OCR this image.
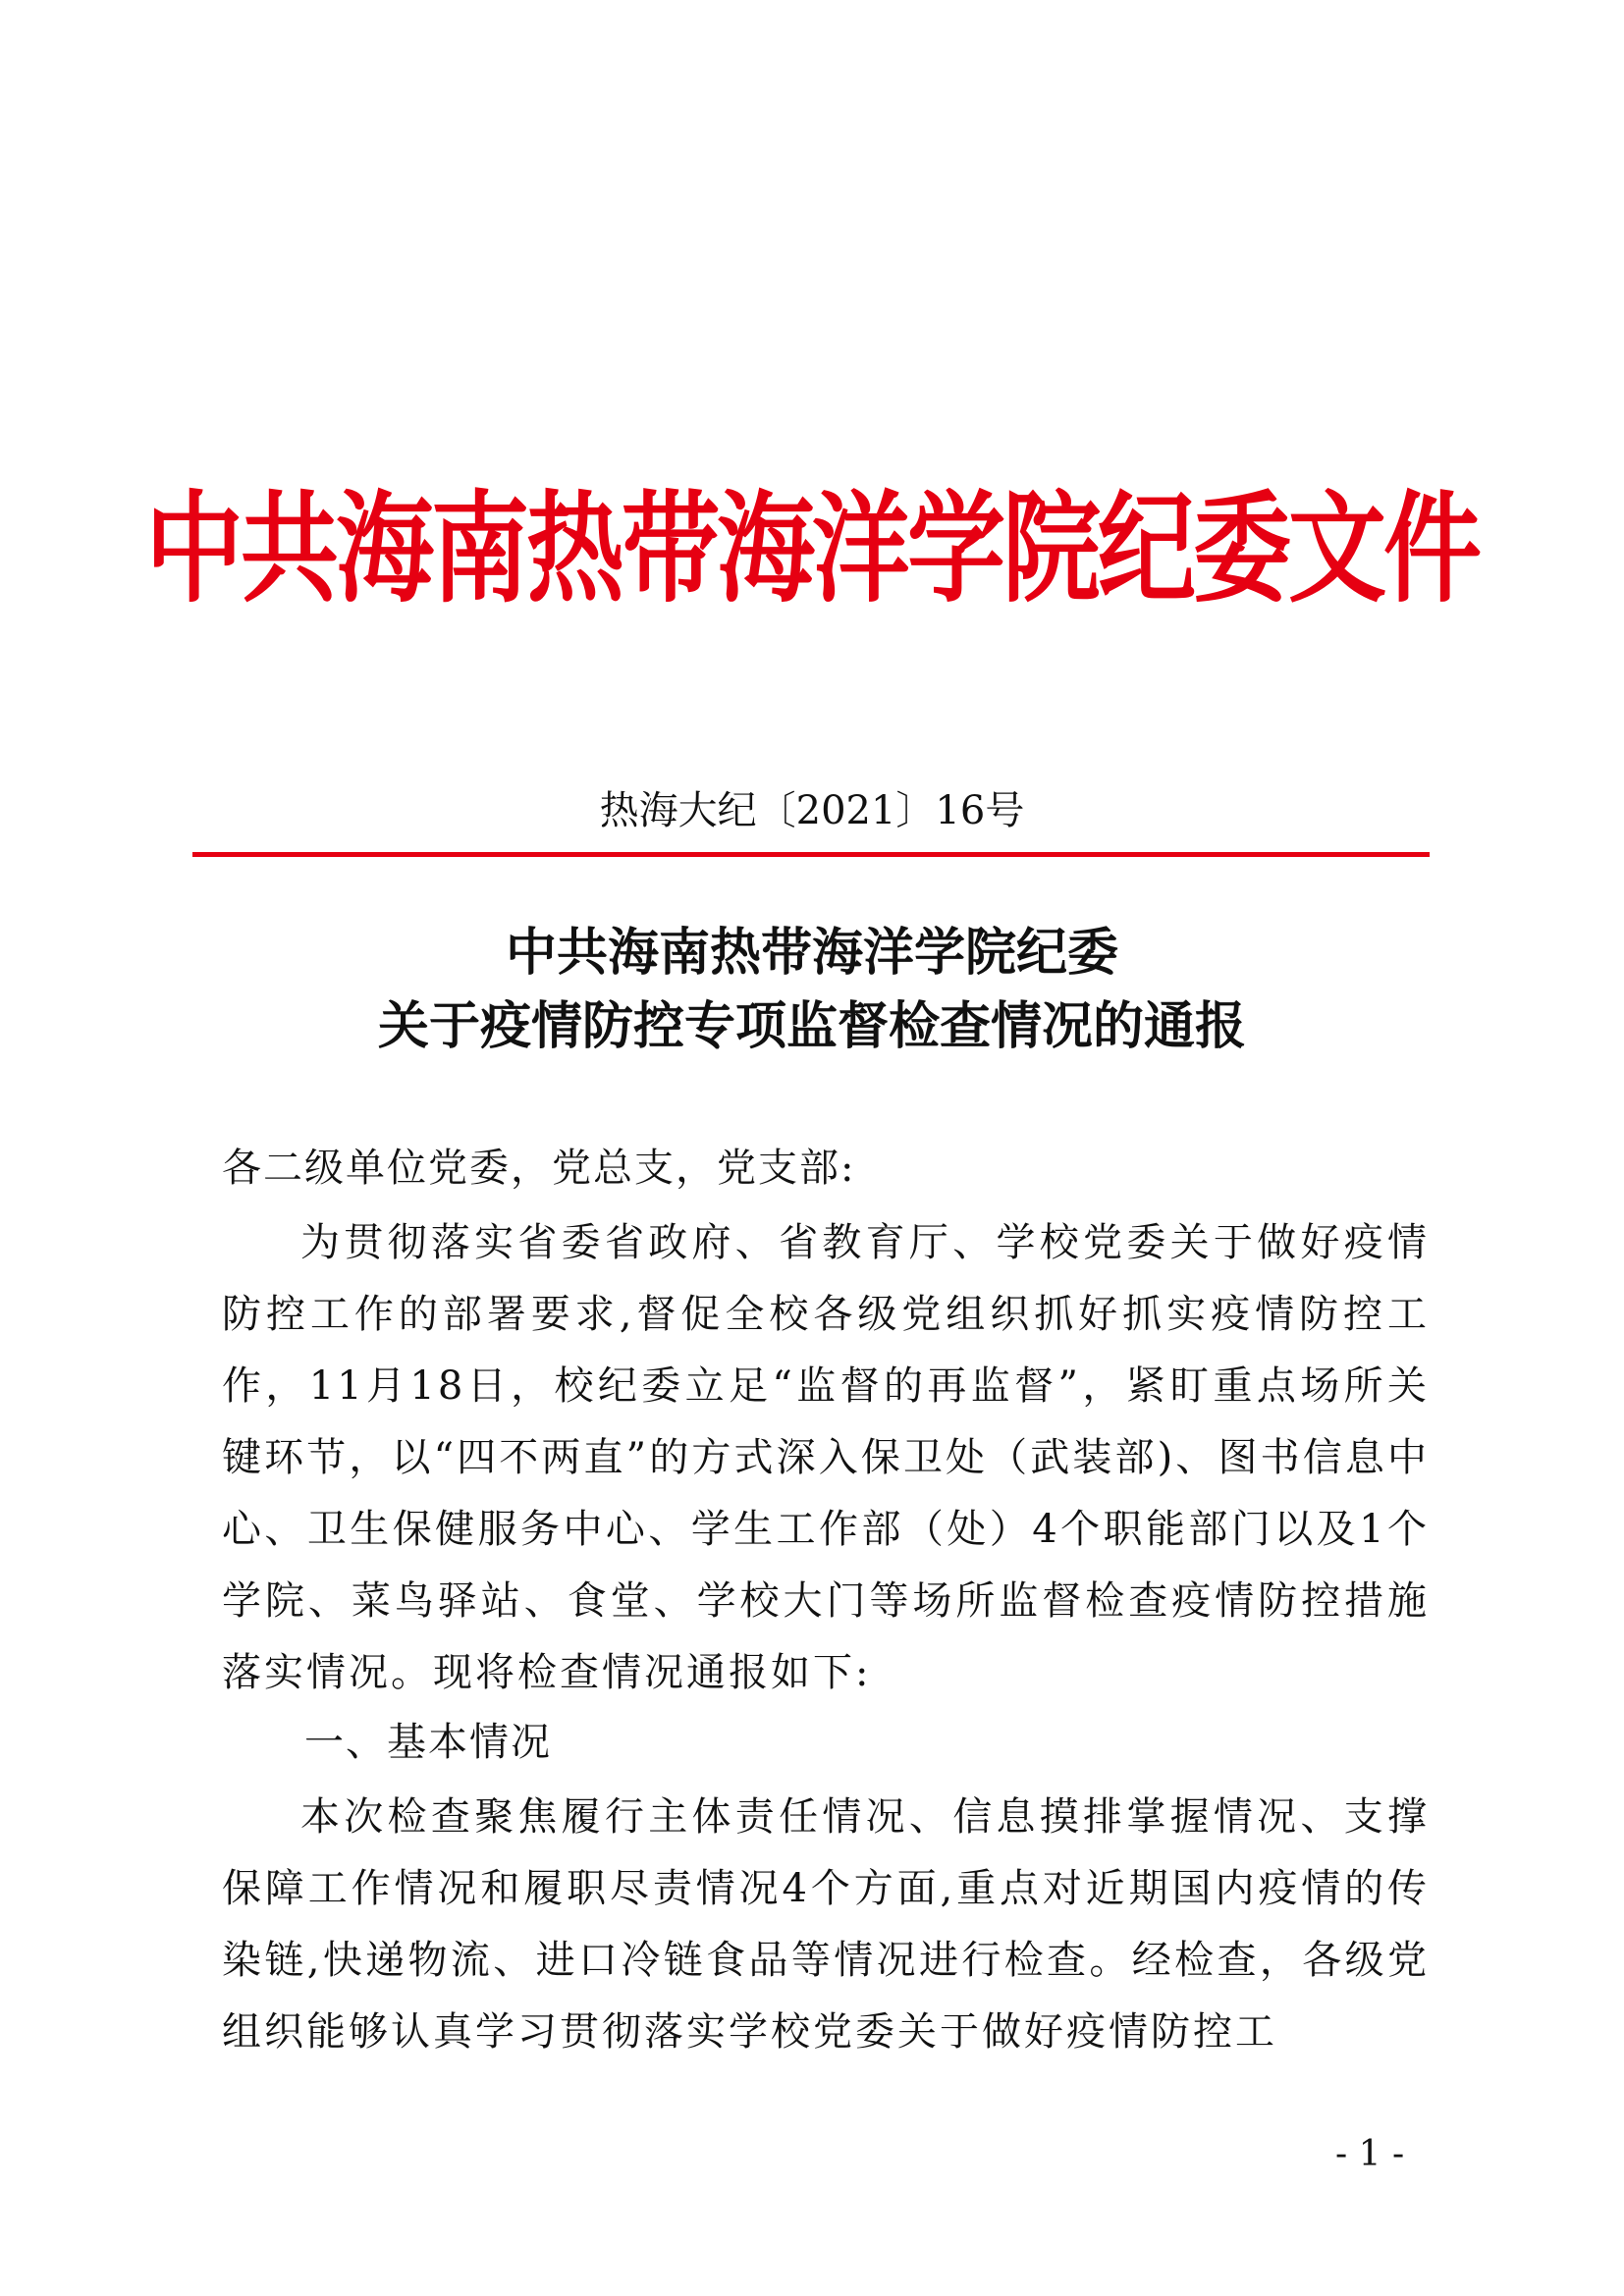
中共海南热带海洋学院纪委文件
热海大纪〔2021〕16号
中共海南热带海洋学院纪委
关于疫情防控专项监督检查情况的通报
各二级单位党委，党总支，党支部:
为贯彻落实省委省政府、省教育厅、学校党委关于做好疫情防控工作的部署要求,督促全校各级党组织抓好抓实疫情防控工作，11月18日，校纪委立足“监督的再监督”，紧盯重点场所关键环节，以“四不两直”的方式深入保卫处（武装部)、图书信息中心、卫生保健服务中心、学生工作部（处）4个职能部门以及1个学院、菜鸟驿站、食堂、学校大门等场所监督检查疫情防控措施落实情况。现将检查情况通报如下:
一、基本情况
本次检查聚焦履行主体责任情况、信息摸排掌握情况、支撑保障工作情况和履职尽责情况4个方面,重点对近期国内疫情的传染链,快递物流、进口冷链食品等情况进行检查。经检查，各级党组织能够认真学习贯彻落实学校党委关于做好疫情防控工
- 1 -
